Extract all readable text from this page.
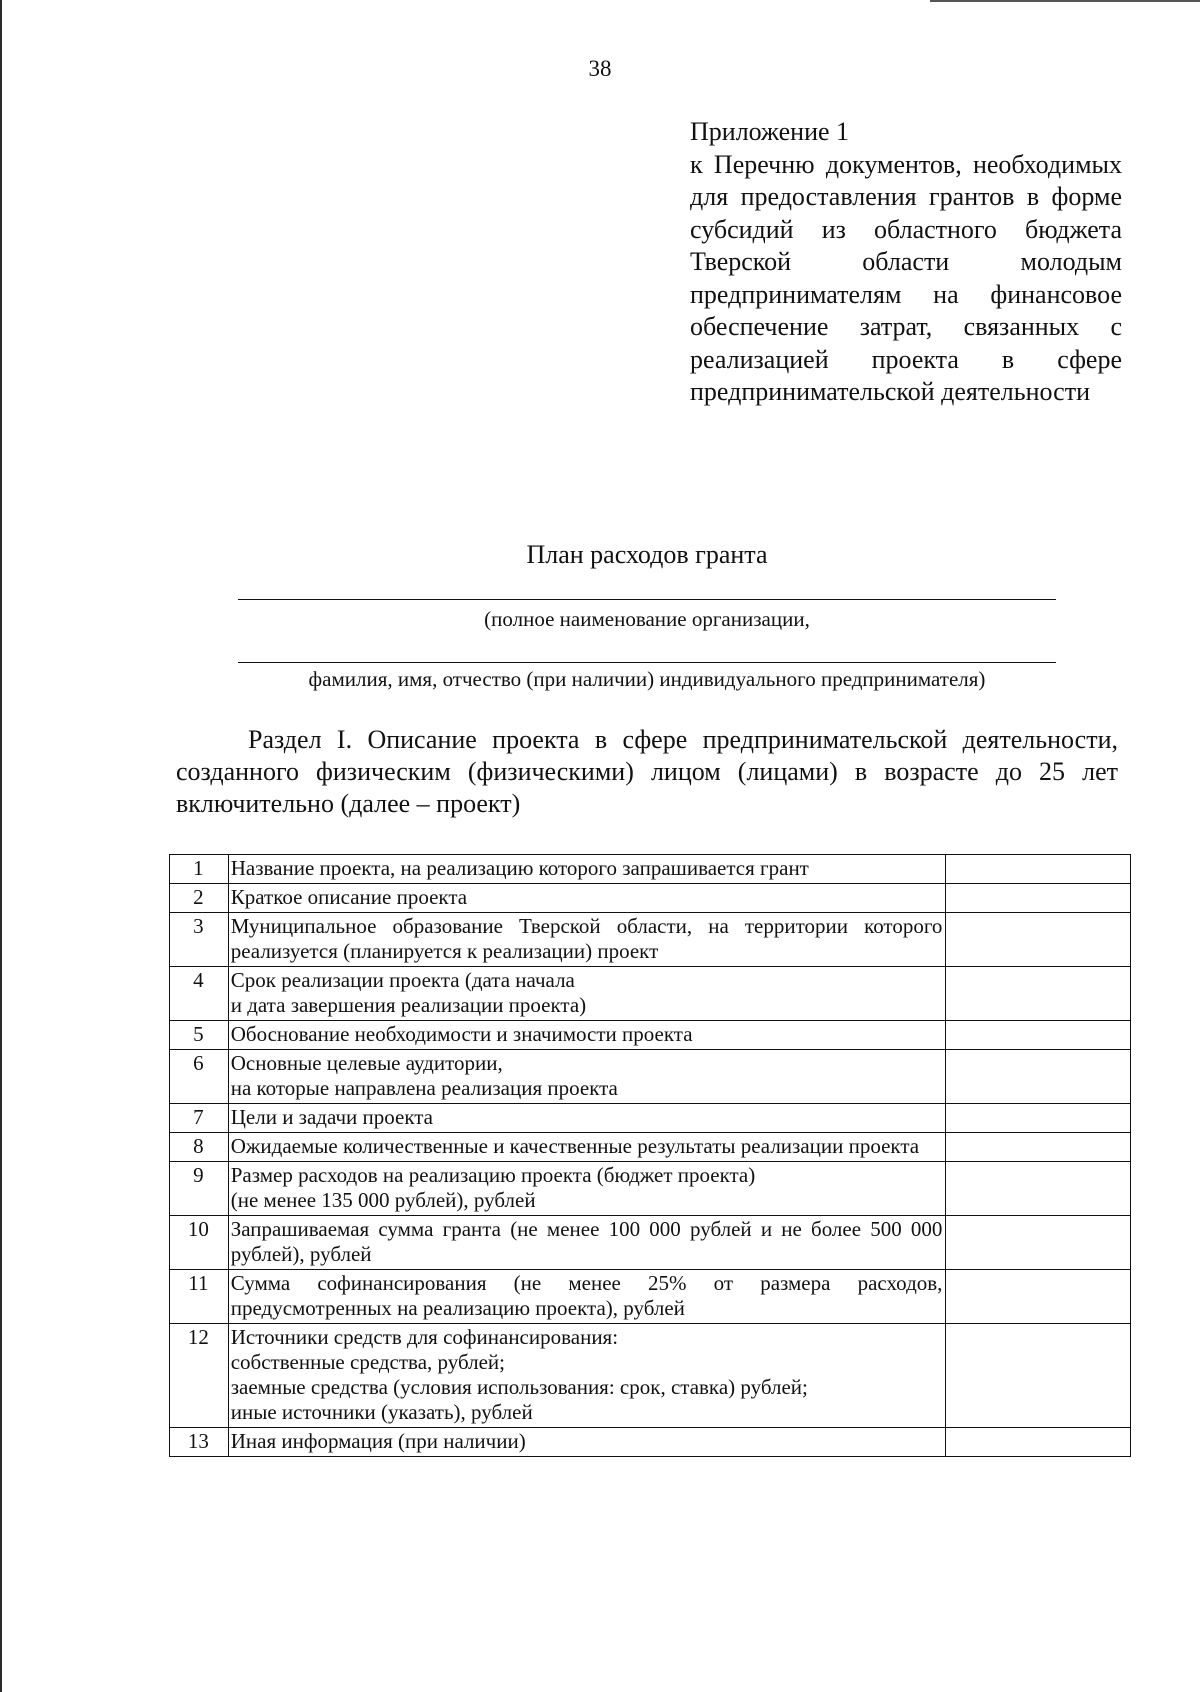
38
Приложение 1
к Перечню документов, необходимых для предоставления грантов в форме субсидий из областного бюджета Тверской области молодым предпринимателям на финансовое обеспечение затрат, связанных с реализацией проекта в сфере предпринимательской деятельности
План расходов гранта
(полное наименование организации,
фамилия, имя, отчество (при наличии) индивидуального предпринимателя)
Раздел I. Описание проекта в сфере предпринимательской деятельности, созданного физическим (физическими) лицом (лицами) в возрасте до 25 лет включительно (далее – проект)
1	Название проекта, на реализацию которого запрашивается грант	

2	Краткое описание проекта	

3	Муниципальное образование Тверской области, на территории которого реализуется (планируется к реализации) проект	

4	Срок реализации проекта (дата начала
и дата завершения реализации проекта)	

5	Обоснование необходимости и значимости проекта	

6	Основные целевые аудитории,
на которые направлена реализация проекта	

7	Цели и задачи проекта	

8	Ожидаемые количественные и качественные результаты реализации проекта	

9	Размер расходов на реализацию проекта (бюджет проекта)
(не менее 135 000 рублей), рублей	

10	Запрашиваемая сумма гранта (не менее 100 000 рублей и не более 500 000 рублей), рублей	

11	Сумма софинансирования (не менее 25% от размера расходов, предусмотренных на реализацию проекта), рублей	

12	Источники средств для софинансирования:
собственные средства, рублей;
заемные средства (условия использования: срок, ставка) рублей;
иные источники (указать), рублей	

13	Иная информация (при наличии)	
